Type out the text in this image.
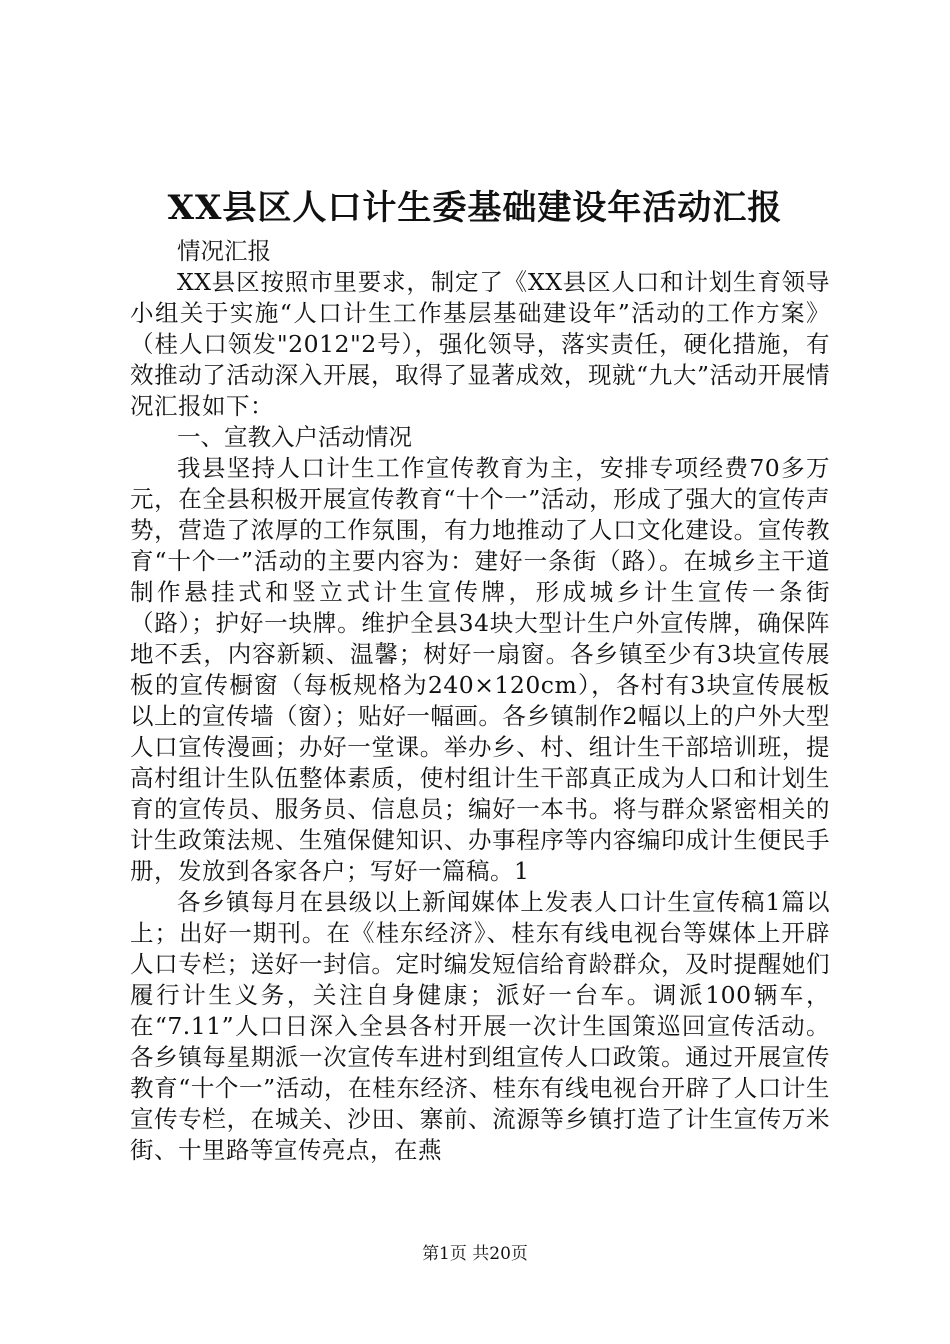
XX县区人口计生委基础建设年活动汇报

情况汇报

XX县区按照市里要求，制定了《XX县区人口和计划生育领导小组关于实施“人口计生工作基层基础建设年”活动的工作方案》（桂人口领发"2012"2号），强化领导，落实责任，硬化措施，有效推动了活动深入开展，取得了显著成效，现就“九大”活动开展情况汇报如下：

一、宣教入户活动情况

我县坚持人口计生工作宣传教育为主，安排专项经费70多万元，在全县积极开展宣传教育“十个一”活动，形成了强大的宣传声势，营造了浓厚的工作氛围，有力地推动了人口文化建设。宣传教育“十个一”活动的主要内容为：建好一条街（路）。在城乡主干道制作悬挂式和竖立式计生宣传牌，形成城乡计生宣传一条街（路）；护好一块牌。维护全县34块大型计生户外宣传牌，确保阵地不丢，内容新颖、温馨；树好一扇窗。各乡镇至少有3块宣传展板的宣传橱窗（每板规格为240×120cm），各村有3块宣传展板以上的宣传墙（窗）；贴好一幅画。各乡镇制作2幅以上的户外大型人口宣传漫画；办好一堂课。举办乡、村、组计生干部培训班，提高村组计生队伍整体素质，使村组计生干部真正成为人口和计划生育的宣传员、服务员、信息员；编好一本书。将与群众紧密相关的计生政策法规、生殖保健知识、办事程序等内容编印成计生便民手册，发放到各家各户；写好一篇稿。1

各乡镇每月在县级以上新闻媒体上发表人口计生宣传稿1篇以上；出好一期刊。在《桂东经济》、桂东有线电视台等媒体上开辟人口专栏；送好一封信。定时编发短信给育龄群众，及时提醒她们履行计生义务，关注自身健康；派好一台车。调派100辆车，在“7.11”人口日深入全县各村开展一次计生国策巡回宣传活动。各乡镇每星期派一次宣传车进村到组宣传人口政策。通过开展宣传教育“十个一”活动，在桂东经济、桂东有线电视台开辟了人口计生宣传专栏，在城关、沙田、寨前、流源等乡镇打造了计生宣传万米街、十里路等宣传亮点，在燕

第1页 共20页
